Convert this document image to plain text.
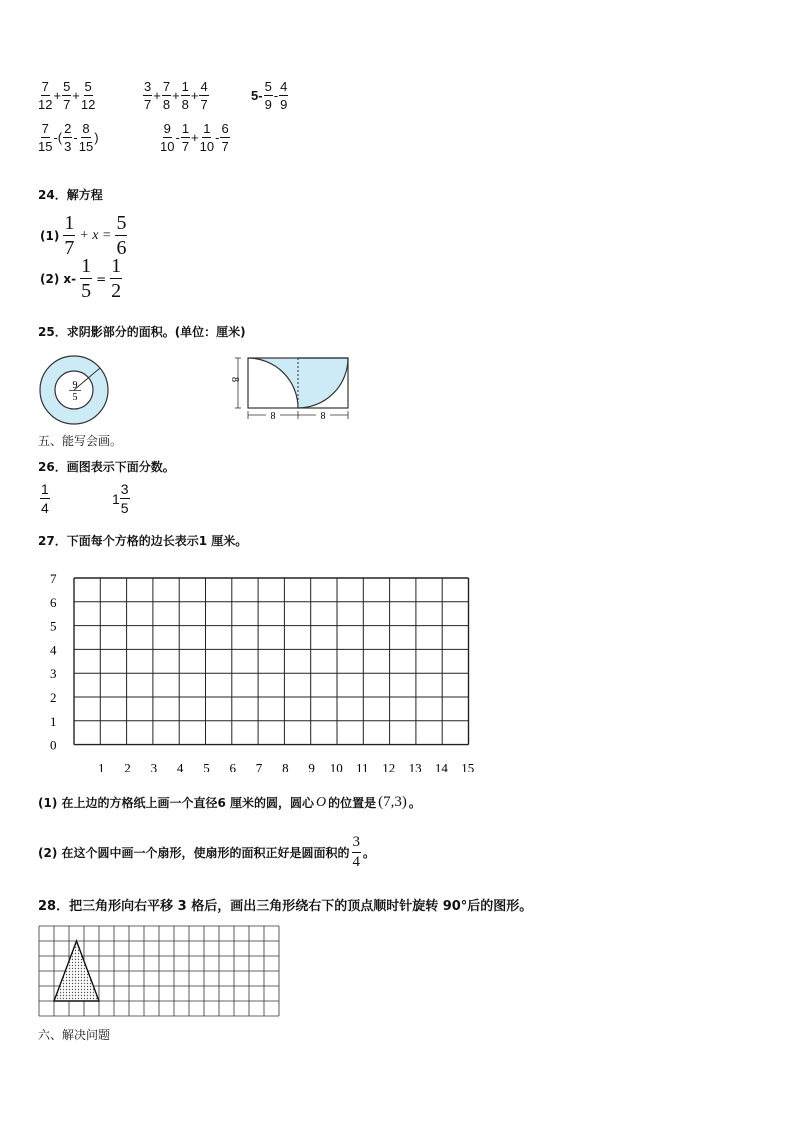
$\frac{7}{12} + \frac{5}{7} + \frac{5}{12}$	$\frac{3}{7} + \frac{7}{8} + \frac{1}{8} + \frac{4}{7}$	$5- \frac{5}{9} - \frac{4}{9}$
$\frac{7}{15}$ -( $\frac{2}{3} - \frac{8}{15}$ )	$\frac{9}{10} - \frac{1}{7} + \frac{1}{10} - \frac{6}{7}$
24．解方程
$(1) \frac{1}{7} + x = \frac{5}{6}$
(2) $x- \frac{1}{5} = \frac{1}{2}$
25．求阴影部分的面积。(单位：厘米)
9
5
8
8	8
五、能写会画。
26．画图表示下面分数。
$\frac{1}{4}$	$1 \frac{3}{5}$
27．下面每个方格的边长表示1 厘米。
7
6
5
4
3
2
1
0
1 2 3 4 5 6 7 8 9 10 11 12 13 14 15
(1) 在上边的方格纸上画一个直径6 厘米的圆，圆心 O 的位置是 (7,3) 。
(2) 在这个圆中画一个扇形，使扇形的面积正好是圆面积的 $\frac{3}{4}$ 。
28．把三角形向右平移 3 格后，画出三角形绕右下的顶点顺时针旋转 90°后的图形。
六、解决问题
